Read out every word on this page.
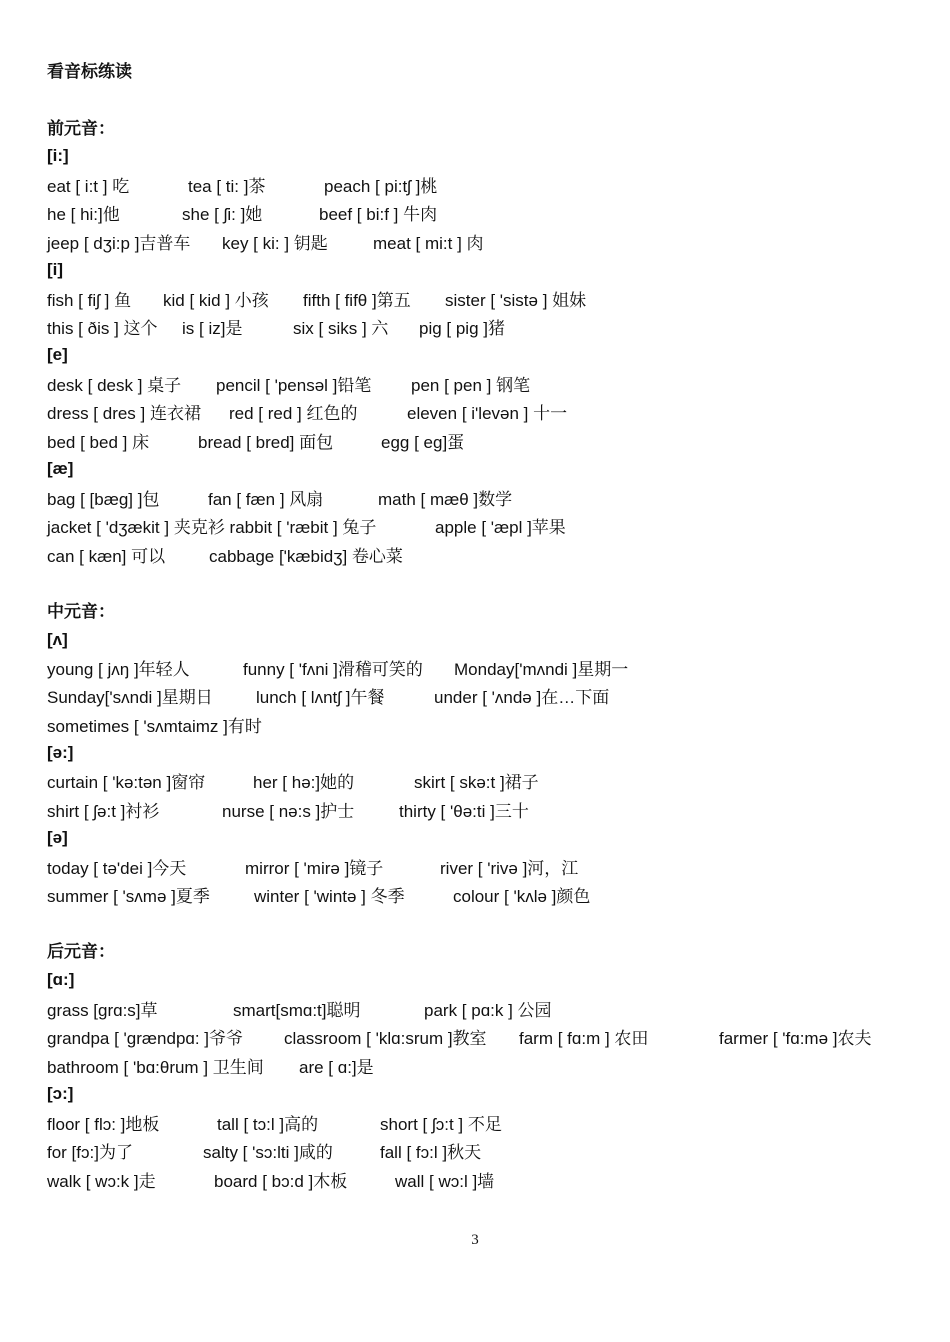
看音标练读
前元音：
[i:]
eat [ i:t ] 吃	tea [ ti: ]茶	peach [ pi:tʃ ]桃
he [ hi:]他	she [ ʃi: ]她	beef [ bi:f ] 牛肉
jeep [ dʒi:p ]吉普车 key [ ki: ] 钥匙	meat [ mi:t ] 肉
[i]
fish [ fiʃ ] 鱼 kid [ kid ] 小孩 fifth [ fifθ ]第五 sister [ 'sistə ] 姐妹
this [ ðis ] 这个 is [ iz]是	six [ siks ] 六 pig [ pig ]猪
[e]
desk [ desk ] 桌子 pencil [ 'pensəl ]铅笔 pen [ pen ] 钢笔
dress [ dres ] 连衣裙 red [ red ] 红色的	eleven [ i'levən ] 十一
bed [ bed ] 床	bread [ bred] 面包	egg [ eg]蛋
[æ]
bag [ [bæg] ]包	fan [ fæn ] 风扇	math [ mæθ ]数学
jacket [ 'dʒækit ] 夹克衫 rabbit [ 'ræbit ] 兔子	apple [ 'æpl ]苹果
can [ kæn] 可以	cabbage ['kæbidʒ] 卷心菜
中元音：
[ʌ]
young [ jʌŋ ]年轻人	funny [ 'fʌni ]滑稽可笑的 Monday['mʌndi ]星期一
Sunday['sʌndi ]星期日	lunch [ lʌntʃ ]午餐	under [ 'ʌndə ]在…下面
sometimes [ 'sʌmtaimz ]有时
[ə:]
curtain [ 'kə:tən ]窗帘	her [ hə:]她的	skirt [ skə:t ]裙子
shirt [ ʃə:t ]衬衫	nurse [ nə:s ]护士	thirty [ 'θə:ti ]三十
[ə]
today [ tə'dei ]今天	mirror [ 'mirə ]镜子	river [ 'rivə ]河，江
summer [ 'sʌmə ]夏季	winter [ 'wintə ] 冬季	colour [ 'kʌlə ]颜色
后元音：
[ɑ:]
grass [grɑ:s]草	smart[smɑ:t]聪明	park [ pɑ:k ] 公园
grandpa [ 'grændpɑ: ]爷爷 classroom [ 'klɑ:srum ]教室 farm [ fɑ:m ] 农田	farmer [ 'fɑ:mə ]农夫
bathroom [ 'bɑ:θrum ] 卫生间 are [ ɑ:]是
[ɔ:]
floor [ flɔ: ]地板	tall [ tɔ:l ]高的	short [ ʃɔ:t ] 不足
for [fɔ:]为了	salty [ 'sɔ:lti ]咸的	fall [ fɔ:l ]秋天
walk [ wɔ:k ]走	board [ bɔ:d ]木板	wall [ wɔ:l ]墙
3
